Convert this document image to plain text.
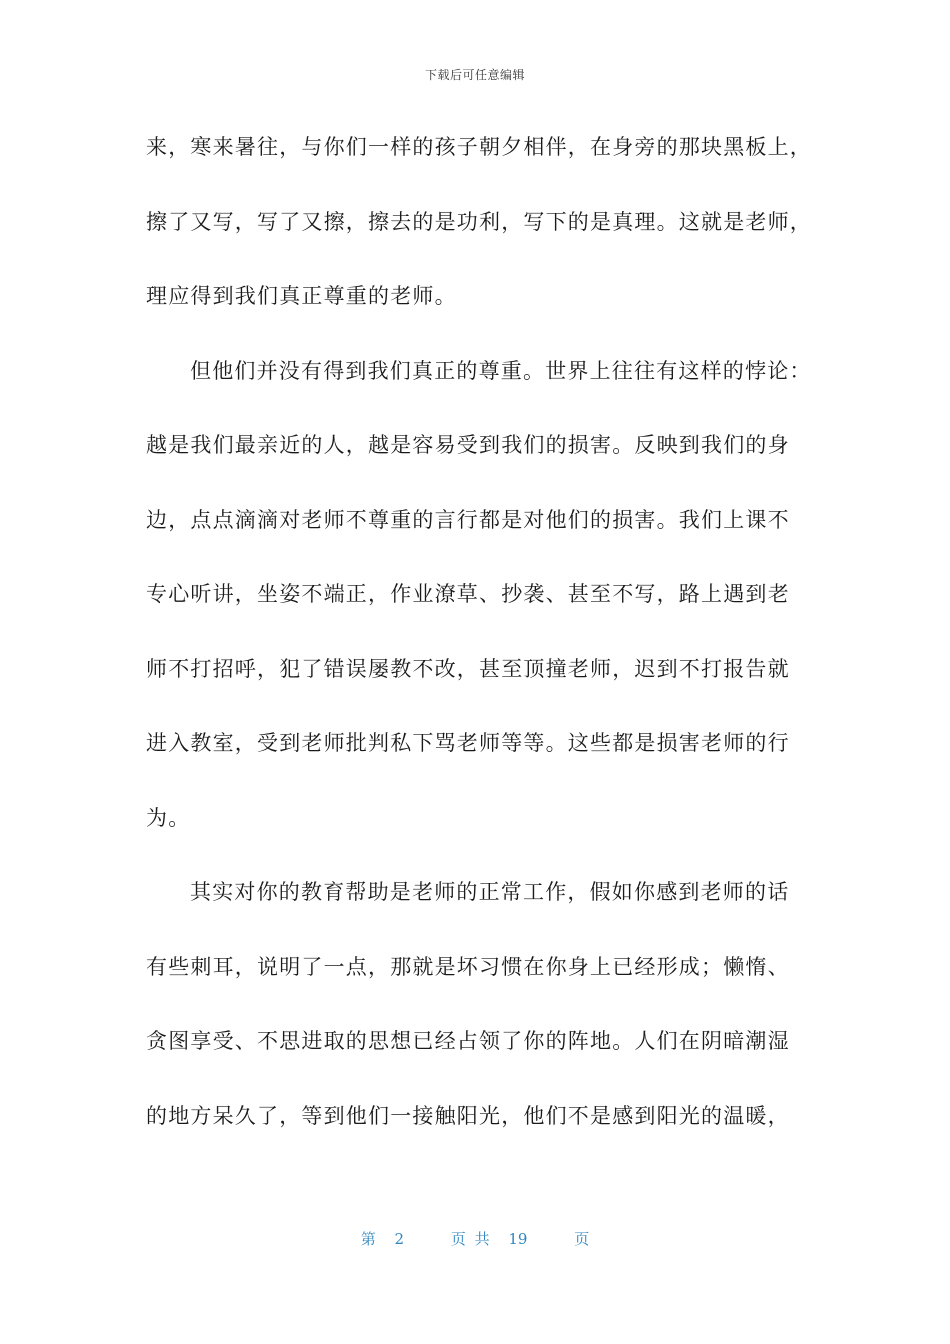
下载后可任意编辑
来，寒来暑往，与你们一样的孩子朝夕相伴，在身旁的那块黑板上，
擦了又写，写了又擦，擦去的是功利，写下的是真理。这就是老师，
理应得到我们真正尊重的老师。
但他们并没有得到我们真正的尊重。世界上往往有这样的悖论：
越是我们最亲近的人，越是容易受到我们的损害。反映到我们的身
边，点点滴滴对老师不尊重的言行都是对他们的损害。我们上课不
专心听讲，坐姿不端正，作业潦草、抄袭、甚至不写，路上遇到老
师不打招呼，犯了错误屡教不改，甚至顶撞老师，迟到不打报告就
进入教室，受到老师批判私下骂老师等等。这些都是损害老师的行
为。
其实对你的教育帮助是老师的正常工作，假如你感到老师的话
有些刺耳，说明了一点，那就是坏习惯在你身上已经形成；懒惰、
贪图享受、不思进取的思想已经占领了你的阵地。人们在阴暗潮湿
的地方呆久了，等到他们一接触阳光，他们不是感到阳光的温暖，
第 2	页 共 19	页
